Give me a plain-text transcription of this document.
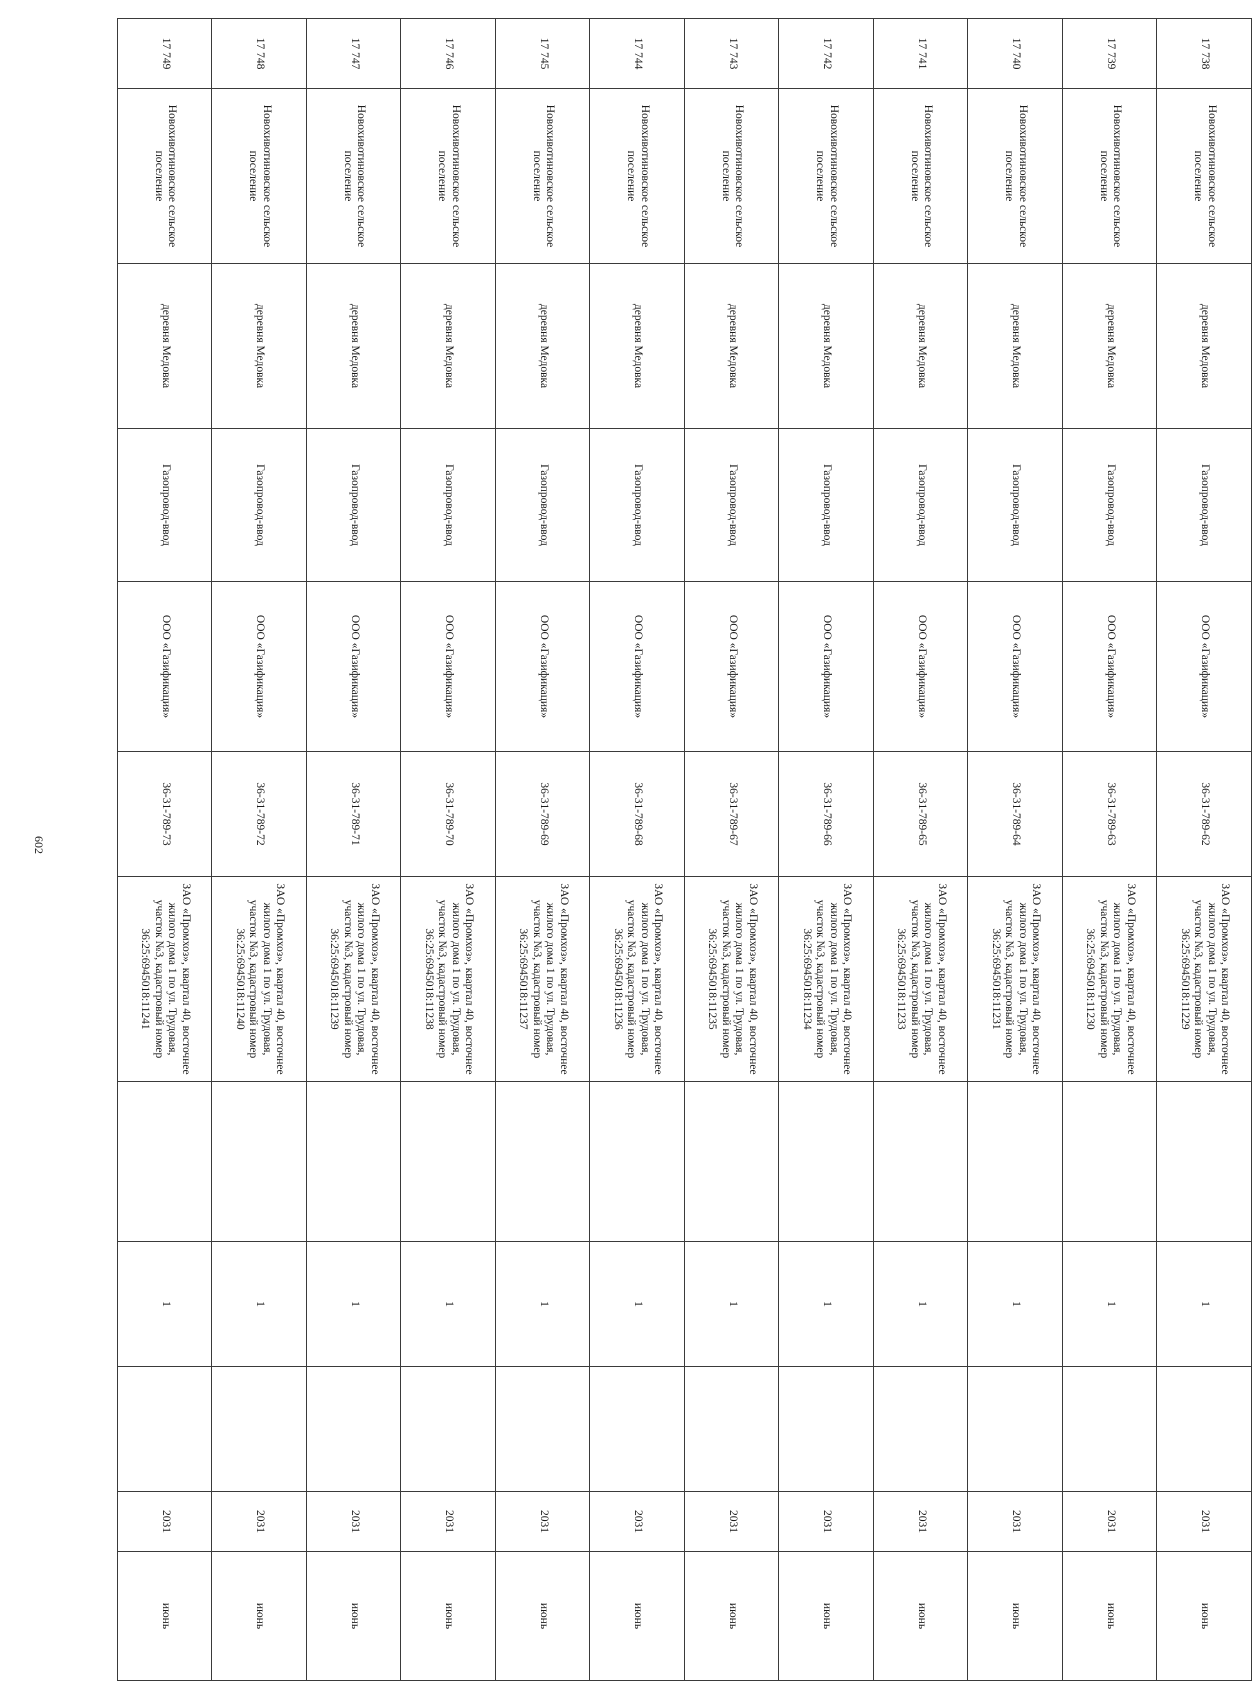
602
17 738	Новохивотиновское сельское поселение	деревня Медовка	Газопровод-ввод	ООО «Газификация»	36-31-789-62	ЗАО «Промхоз», квартал 40, восточнее жилого дома 1 по ул. Трудовая, участок №3, кадастровый номер 36:25:6945018:11229		1		2031	июнь
17 739	Новохивотиновское сельское поселение	деревня Медовка	Газопровод-ввод	ООО «Газификация»	36-31-789-63	ЗАО «Промхоз», квартал 40, восточнее жилого дома 1 по ул. Трудовая, участок №3, кадастровый номер 36:25:6945018:11230		1		2031	июнь
17 740	Новохивотиновское сельское поселение	деревня Медовка	Газопровод-ввод	ООО «Газификация»	36-31-789-64	ЗАО «Промхоз», квартал 40, восточнее жилого дома 1 по ул. Трудовая, участок №3, кадастровый номер 36:25:6945018:11231		1		2031	июнь
17 741	Новохивотиновское сельское поселение	деревня Медовка	Газопровод-ввод	ООО «Газификация»	36-31-789-65	ЗАО «Промхоз», квартал 40, восточнее жилого дома 1 по ул. Трудовая, участок №3, кадастровый номер 36:25:6945018:11233		1		2031	июнь
17 742	Новохивотиновское сельское поселение	деревня Медовка	Газопровод-ввод	ООО «Газификация»	36-31-789-66	ЗАО «Промхоз», квартал 40, восточнее жилого дома 1 по ул. Трудовая, участок №3, кадастровый номер 36:25:6945018:11234		1		2031	июнь
17 743	Новохивотиновское сельское поселение	деревня Медовка	Газопровод-ввод	ООО «Газификация»	36-31-789-67	ЗАО «Промхоз», квартал 40, восточнее жилого дома 1 по ул. Трудовая, участок №3, кадастровый номер 36:25:6945018:11235		1		2031	июнь
17 744	Новохивотиновское сельское поселение	деревня Медовка	Газопровод-ввод	ООО «Газификация»	36-31-789-68	ЗАО «Промхоз», квартал 40, восточнее жилого дома 1 по ул. Трудовая, участок №3, кадастровый номер 36:25:6945018:11236		1		2031	июнь
17 745	Новохивотиновское сельское поселение	деревня Медовка	Газопровод-ввод	ООО «Газификация»	36-31-789-69	ЗАО «Промхоз», квартал 40, восточнее жилого дома 1 по ул. Трудовая, участок №3, кадастровый номер 36:25:6945018:11237		1		2031	июнь
17 746	Новохивотиновское сельское поселение	деревня Медовка	Газопровод-ввод	ООО «Газификация»	36-31-789-70	ЗАО «Промхоз», квартал 40, восточнее жилого дома 1 по ул. Трудовая, участок №3, кадастровый номер 36:25:6945018:11238		1		2031	июнь
17 747	Новохивотиновское сельское поселение	деревня Медовка	Газопровод-ввод	ООО «Газификация»	36-31-789-71	ЗАО «Промхоз», квартал 40, восточнее жилого дома 1 по ул. Трудовая, участок №3, кадастровый номер 36:25:6945018:11239		1		2031	июнь
17 748	Новохивотиновское сельское поселение	деревня Медовка	Газопровод-ввод	ООО «Газификация»	36-31-789-72	ЗАО «Промхоз», квартал 40, восточнее жилого дома 1 по ул. Трудовая, участок №3, кадастровый номер 36:25:6945018:11240		1		2031	июнь
17 749	Новохивотиновское сельское поселение	деревня Медовка	Газопровод-ввод	ООО «Газификация»	36-31-789-73	ЗАО «Промхоз», квартал 40, восточнее жилого дома 1 по ул. Трудовая, участок №3, кадастровый номер 36:25:6945018:11241		1		2031	июнь
